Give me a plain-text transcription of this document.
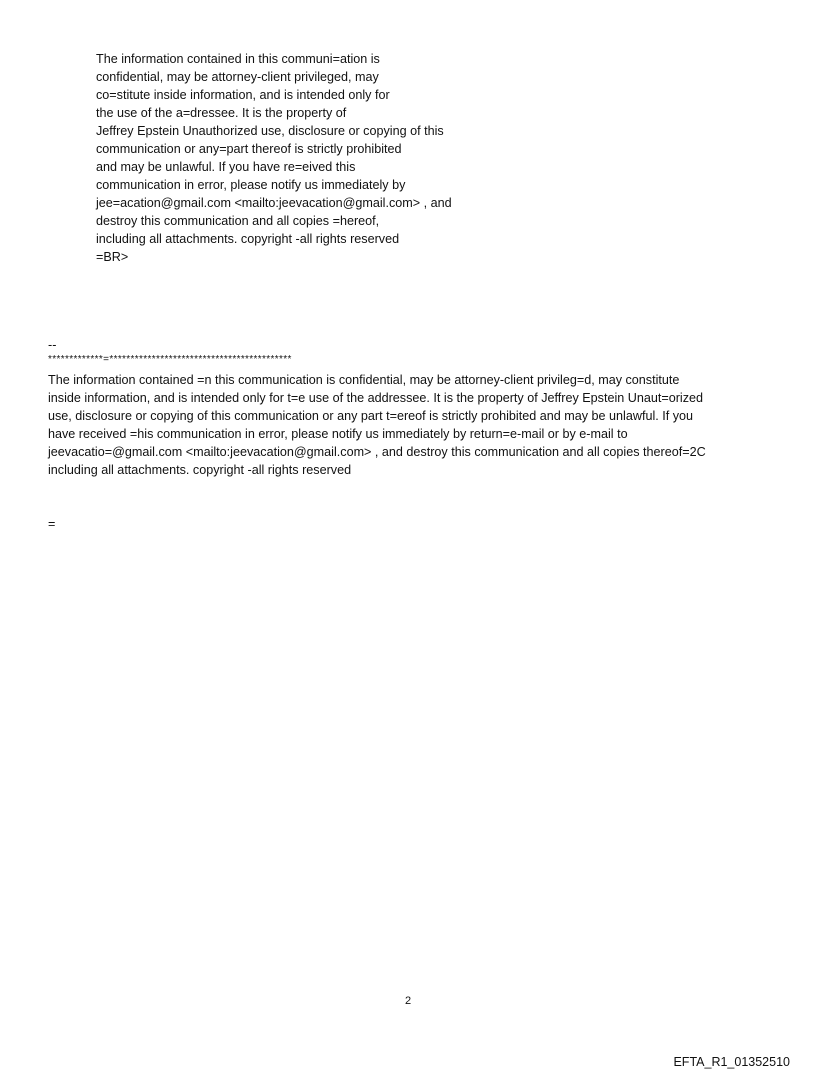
The information contained in this communi=ation is
confidential, may be attorney-client privileged, may
co=stitute inside information, and is intended only for
the use of the a=dressee. It is the property of
Jeffrey Epstein Unauthorized use, disclosure or copying of this
communication or any=part thereof is strictly prohibited
and may be unlawful. If you have re=eived this
communication in error, please notify us immediately by
jee=acation@gmail.com <mailto:jeevacation@gmail.com> , and
destroy this communication and all copies =hereof,
including all attachments. copyright -all rights reserved
=BR>
--
*************=*******************************************
The information contained =n this communication is confidential, may be attorney-client privileg=d, may constitute
inside information, and is intended only for t=e use of the addressee. It is the property of Jeffrey Epstein Unaut=orized
use, disclosure or copying of this communication or any part t=ereof is strictly prohibited and may be unlawful. If you
have received =his communication in error, please notify us immediately by return=e-mail or by e-mail to
jeevacatio=@gmail.com <mailto:jeevacation@gmail.com> , and destroy this communication and all copies thereof=2C
including all attachments. copyright -all rights reserved
=
2
EFTA_R1_01352510
